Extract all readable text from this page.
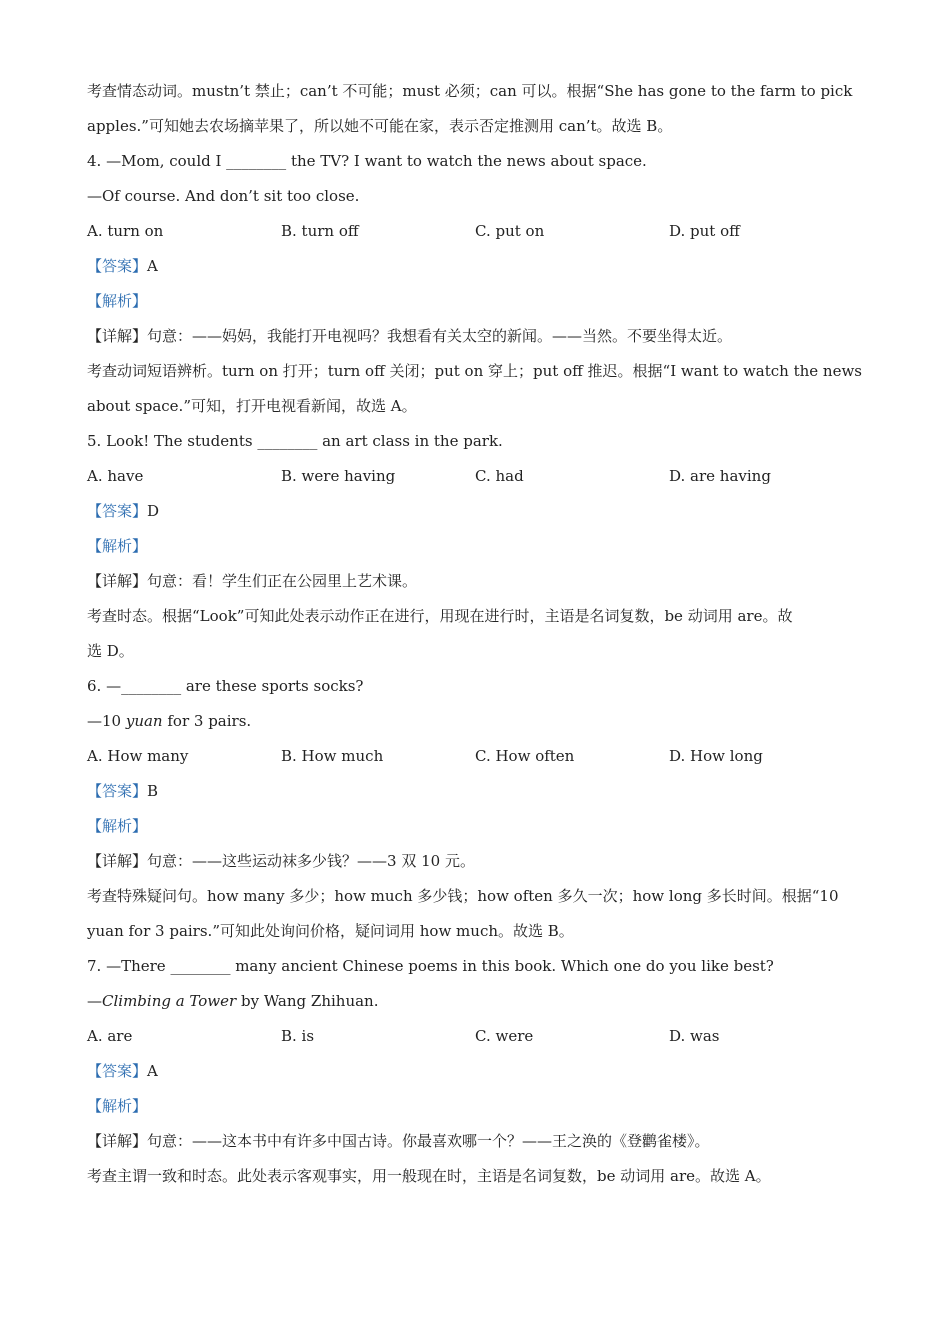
考查情态动词。mustn’t 禁止；can’t 不可能；must 必须；can 可以。根据“She has gone to the farm to pick
apples.”可知她去农场摘苹果了，所以她不可能在家，表示否定推测用 can’t。故选 B。
4. —Mom, could I ________ the TV? I want to watch the news about space.
—Of course. And don’t sit too close.
A. turn on	B. turn off	C. put on	D. put off
【答案】A
【解析】
【详解】句意：——妈妈，我能打开电视吗？我想看有关太空的新闻。——当然。不要坐得太近。
考查动词短语辨析。turn on 打开；turn off 关闭；put on 穿上；put off 推迟。根据“I want to watch the news
about space.”可知，打开电视看新闻，故选 A。
5. Look! The students ________ an art class in the park.
A. have	B. were having	C. had	D. are having
【答案】D
【解析】
【详解】句意：看！学生们正在公园里上艺术课。
考查时态。根据“Look”可知此处表示动作正在进行，用现在进行时，主语是名词复数，be 动词用 are。故
选 D。
6. —________ are these sports socks?
—10 yuan for 3 pairs.
A. How many	B. How much	C. How often	D. How long
【答案】B
【解析】
【详解】句意：——这些运动袜多少钱？——3 双 10 元。
考查特殊疑问句。how many 多少；how much 多少钱；how often 多久一次；how long 多长时间。根据“10
yuan for 3 pairs.”可知此处询问价格，疑问词用 how much。故选 B。
7. —There ________ many ancient Chinese poems in this book. Which one do you like best?
—Climbing a Tower by Wang Zhihuan.
A. are	B. is	C. were	D. was
【答案】A
【解析】
【详解】句意：——这本书中有许多中国古诗。你最喜欢哪一个？——王之涣的《登鹳雀楼》。
考查主谓一致和时态。此处表示客观事实，用一般现在时，主语是名词复数，be 动词用 are。故选 A。
